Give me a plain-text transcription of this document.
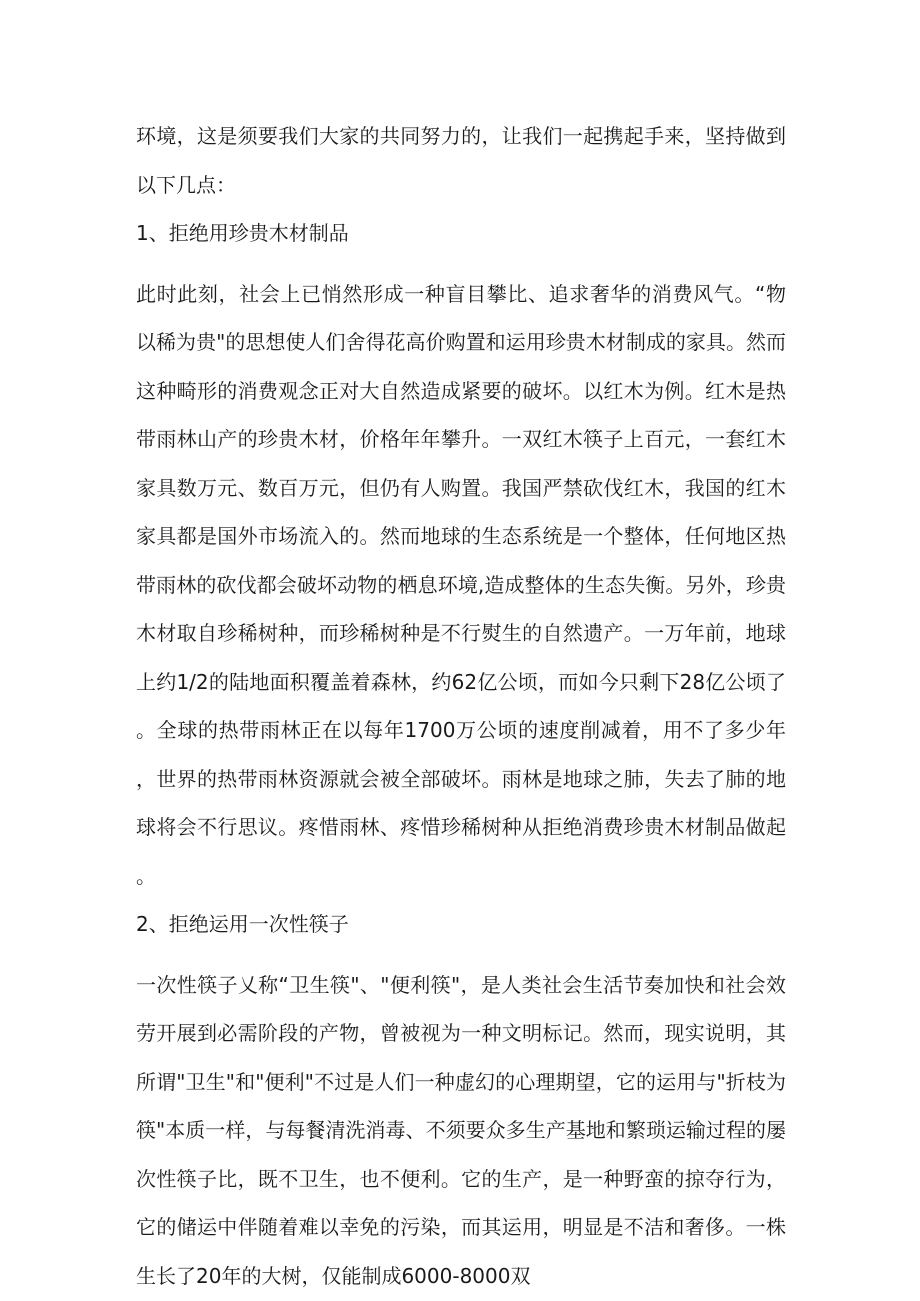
环境，这是须要我们大家的共同努力的，让我们一起携起手来，坚持做到以下几点：

1、拒绝用珍贵木材制品

此时此刻，社会上已悄然形成一种盲目攀比、追求奢华的消费风气。“物以稀为贵"的思想使人们舍得花高价购置和运用珍贵木材制成的家具。然而这种畸形的消费观念正对大自然造成紧要的破坏。以红木为例。红木是热带雨林山产的珍贵木材，价格年年攀升。一双红木筷子上百元，一套红木家具数万元、数百万元，但仍有人购置。我国严禁砍伐红木，我国的红木家具都是国外市场流入的。然而地球的生态系统是一个整体，任何地区热带雨林的砍伐都会破坏动物的栖息环境,造成整体的生态失衡。另外，珍贵木材取自珍稀树种，而珍稀树种是不行熨生的自然遗产。一万年前，地球上约1/2的陆地面积覆盖着森林，约62亿公顷，而如今只剩下28亿公顷了。全球的热带雨林正在以每年1700万公顷的速度削减着，用不了多少年，世界的热带雨林资源就会被全部破坏。雨林是地球之肺，失去了肺的地球将会不行思议。疼惜雨林、疼惜珍稀树种从拒绝消费珍贵木材制品做起。

2、拒绝运用一次性筷子

一次性筷子乂称“卫生筷"、"便利筷"，是人类社会生活节奏加快和社会效劳开展到必需阶段的产物，曾被视为一种文明标记。然而，现实说明，其所谓"卫生"和"便利"不过是人们一种虚幻的心理期望，它的运用与"折枝为筷"本质一样，与每餐清洗消毒、不须要众多生产基地和繁琐运输过程的屡次性筷子比，既不卫生，也不便利。它的生产，是一种野蛮的掠夺行为，它的储运中伴随着难以幸免的污染，而其运用，明显是不洁和奢侈。一株生长了20年的大树，仅能制成6000-8000双
